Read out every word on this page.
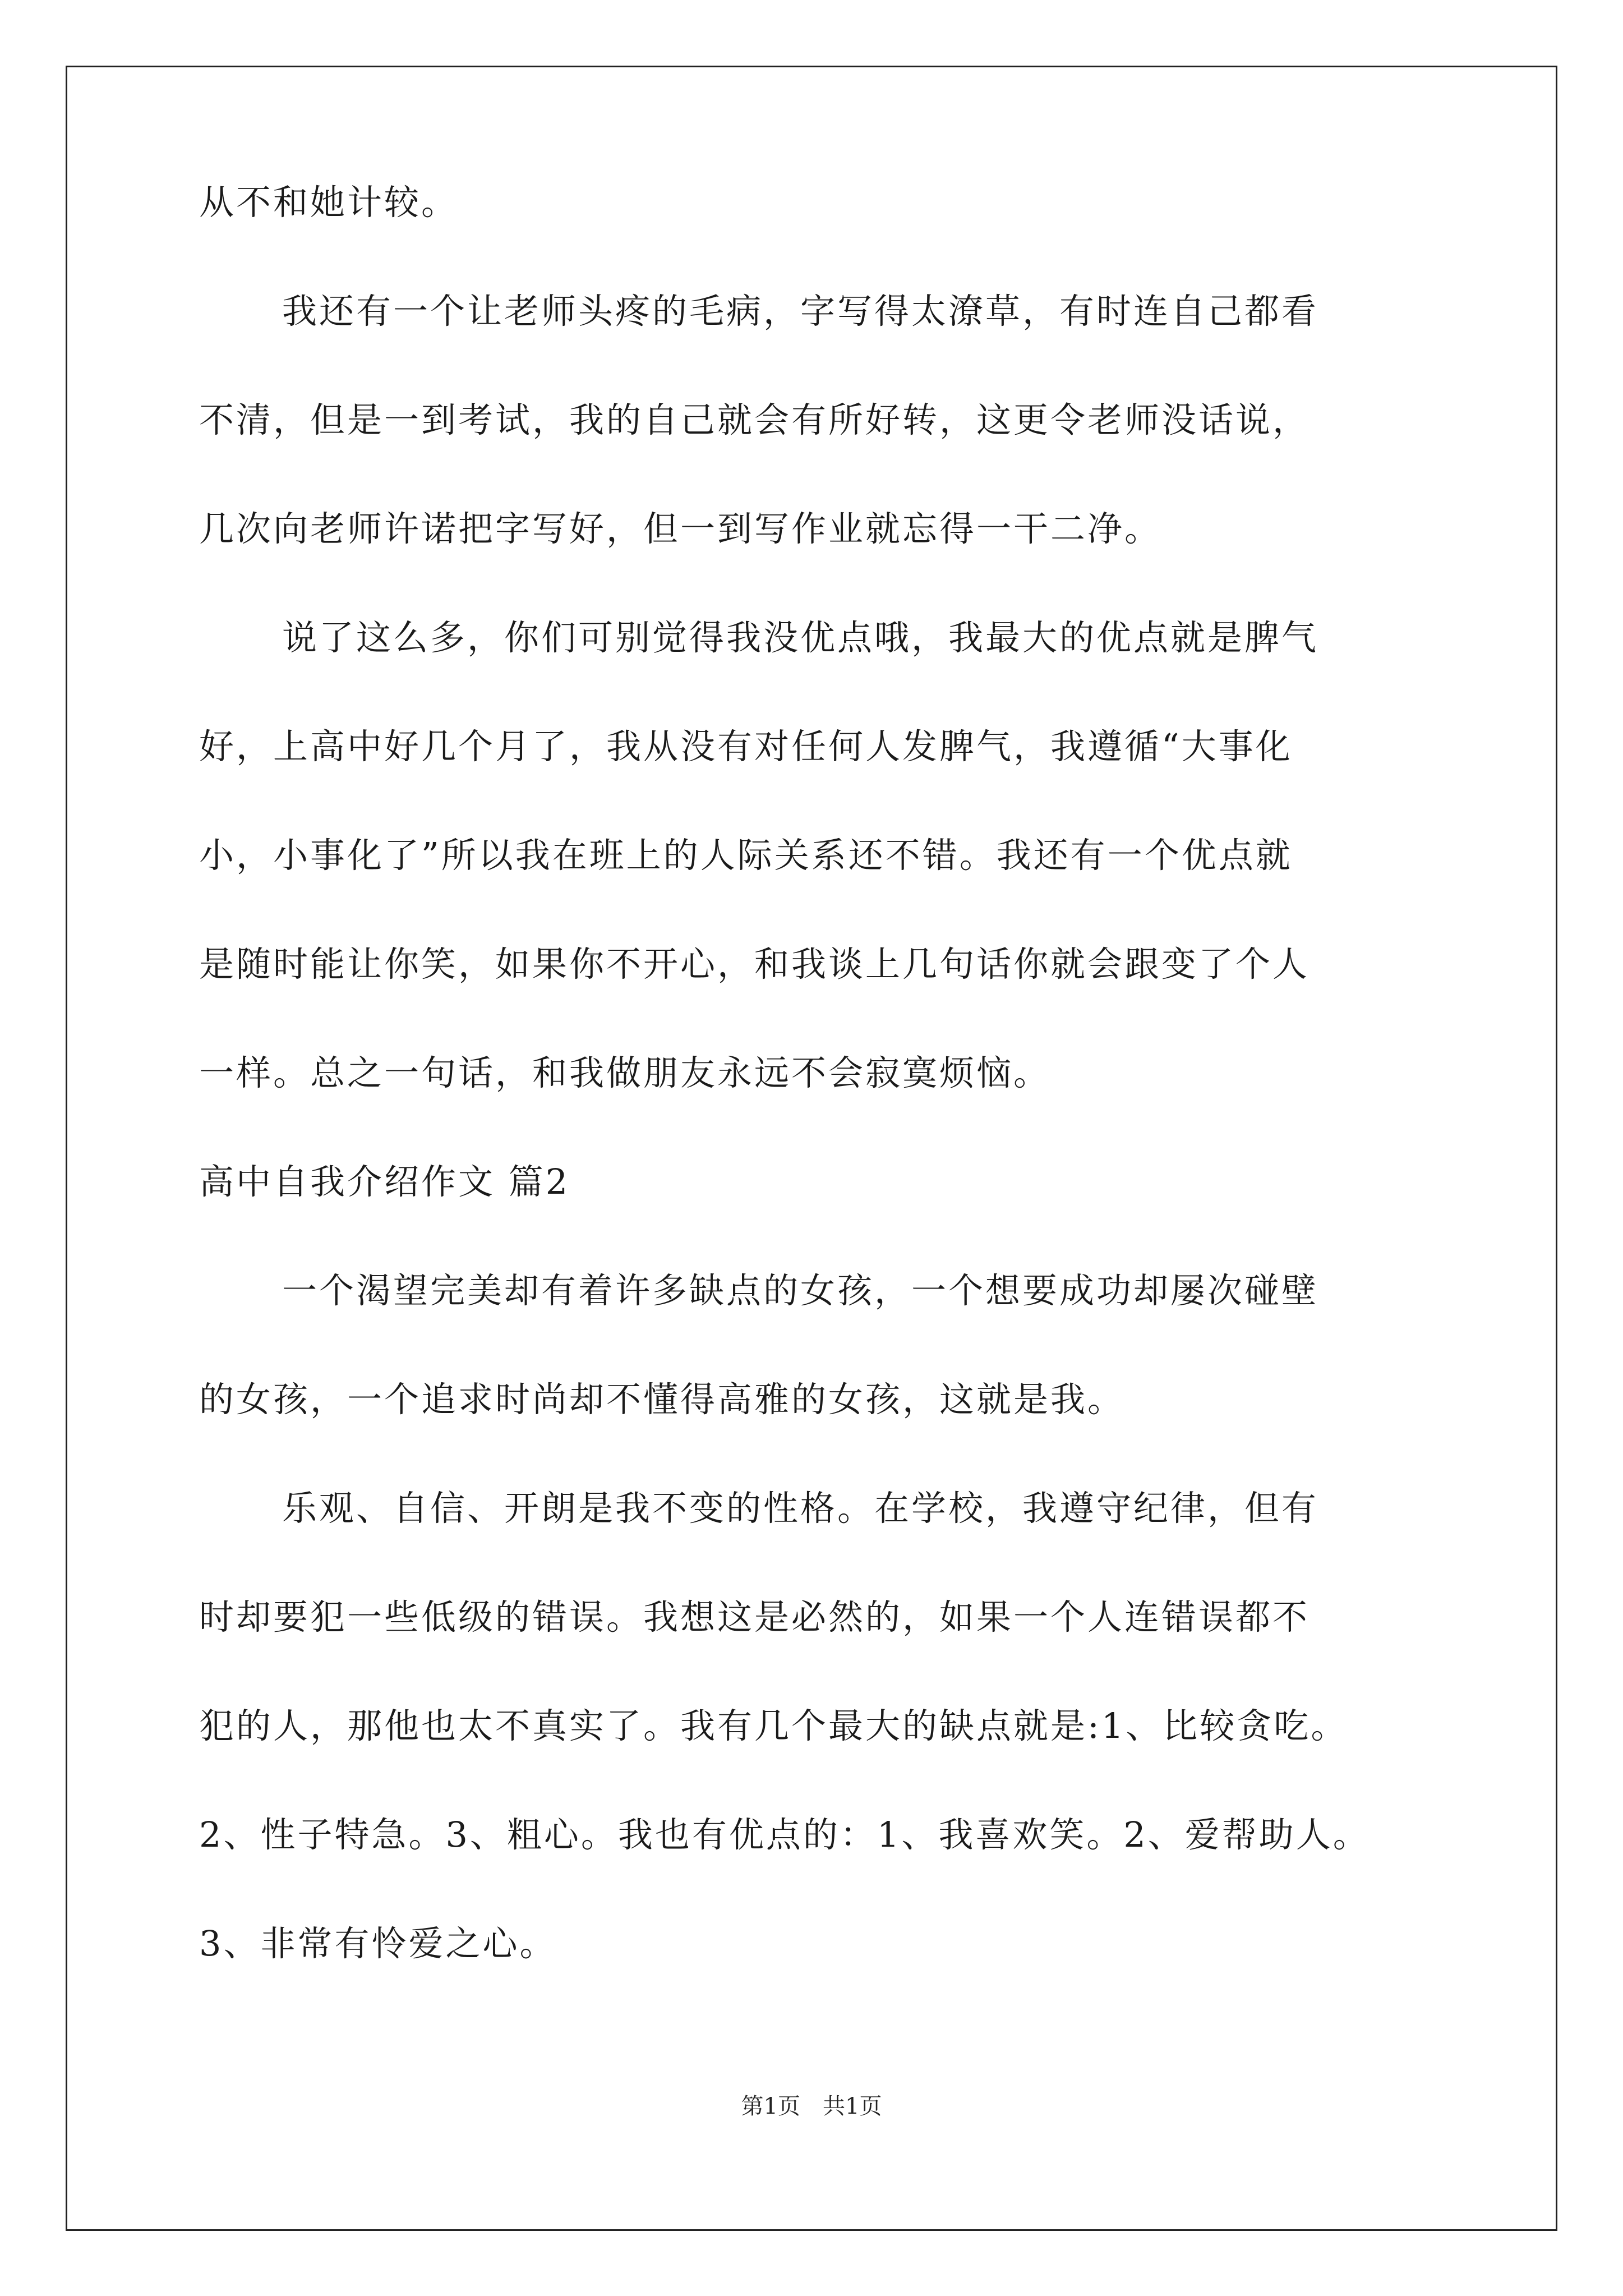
从不和她计较。
我还有一个让老师头疼的毛病，字写得太潦草，有时连自己都看
不清，但是一到考试，我的自己就会有所好转，这更令老师没话说，
几次向老师许诺把字写好，但一到写作业就忘得一干二净。
说了这么多，你们可别觉得我没优点哦，我最大的优点就是脾气
好，上高中好几个月了，我从没有对任何人发脾气，我遵循“大事化
小，小事化了”所以我在班上的人际关系还不错。我还有一个优点就
是随时能让你笑，如果你不开心，和我谈上几句话你就会跟变了个人
一样。总之一句话，和我做朋友永远不会寂寞烦恼。
高中自我介绍作文 篇2
一个渴望完美却有着许多缺点的女孩，一个想要成功却屡次碰壁
的女孩，一个追求时尚却不懂得高雅的女孩，这就是我。
乐观、自信、开朗是我不变的性格。在学校，我遵守纪律，但有
时却要犯一些低级的错误。我想这是必然的，如果一个人连错误都不
犯的人，那他也太不真实了。我有几个最大的缺点就是:1、比较贪吃。
2、性子特急。3、粗心。我也有优点的：1、我喜欢笑。2、爱帮助人。
3、非常有怜爱之心。
第1页　共1页
